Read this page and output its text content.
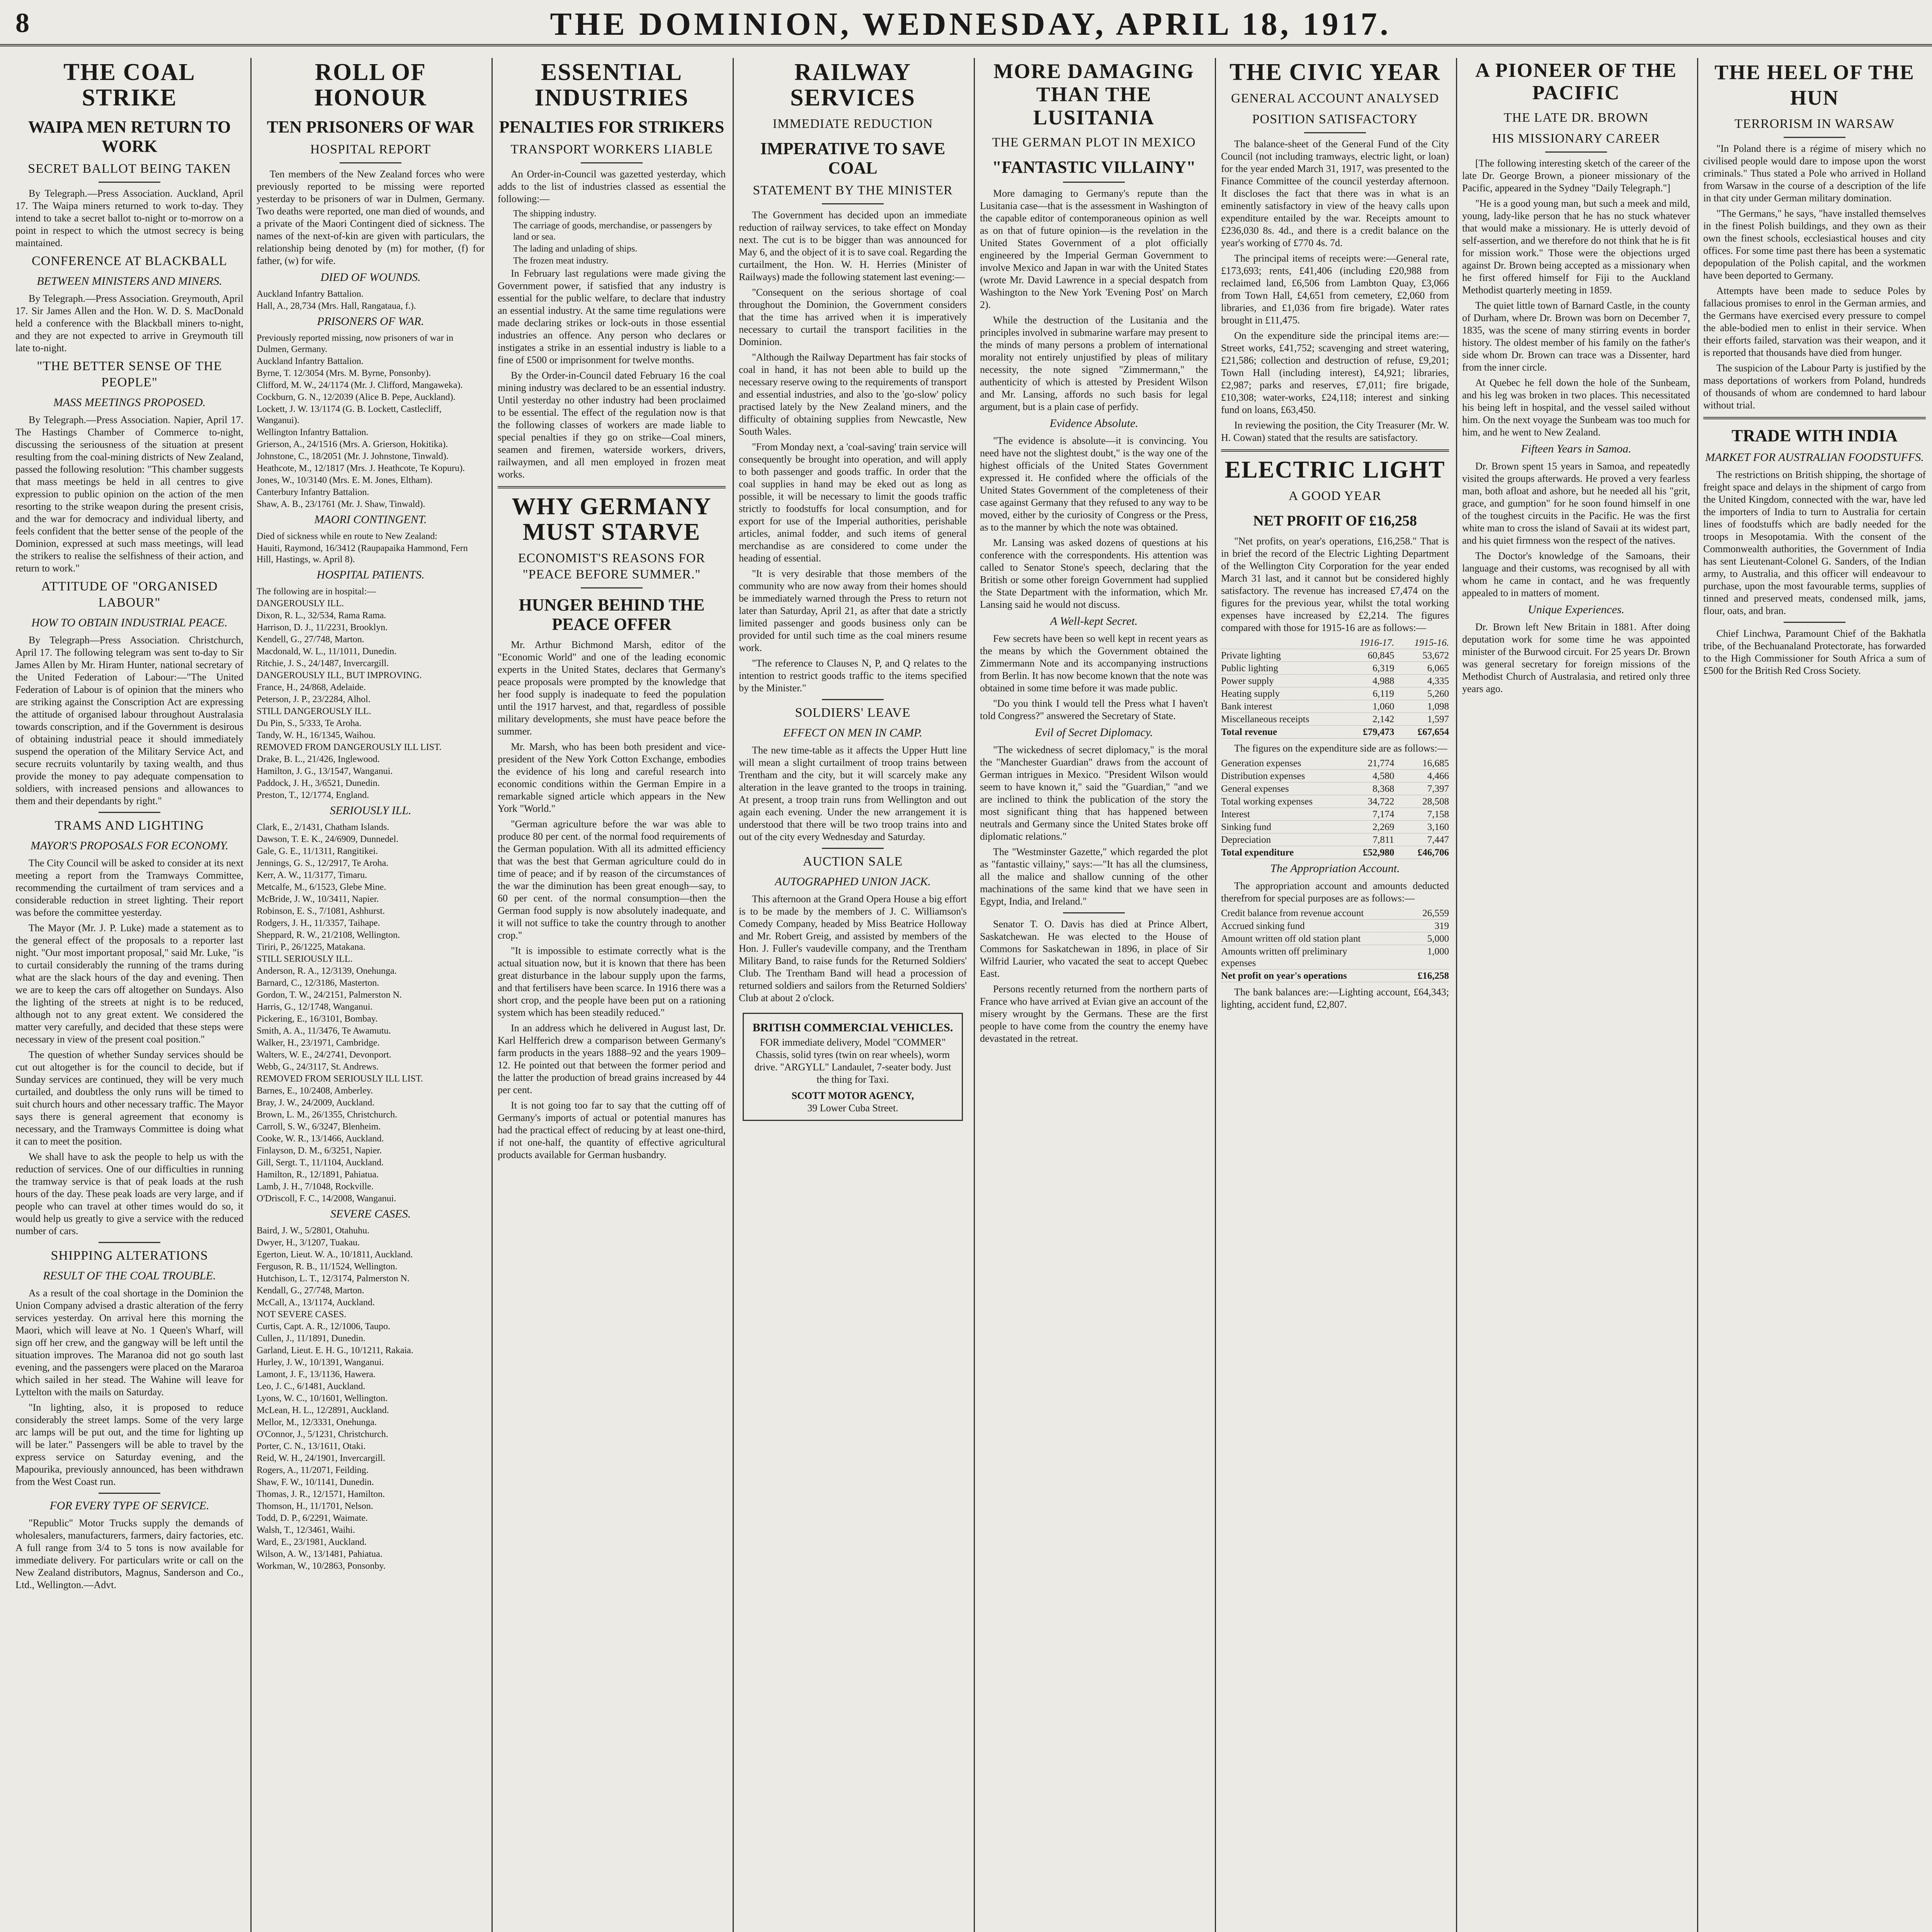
8	THE DOMINION, WEDNESDAY, APRIL 18, 1917.
THE COAL STRIKE
WAIPA MEN RETURN TO WORK
SECRET BALLOT BEING TAKEN

By Telegraph.—Press Association. Auckland, April 17. The Waipa miners returned to work to-day. They intend to take a secret ballot to-night or to-morrow on a point in respect to which the utmost secrecy is being maintained.

CONFERENCE AT BLACKBALL
BETWEEN MINISTERS AND MINERS.

By Telegraph.—Press Association. Greymouth, April 17. Sir James Allen and the Hon. W. D. S. MacDonald held a conference with the Blackball miners to-night, and they are not expected to arrive in Greymouth till late to-night.

"THE BETTER SENSE OF THE PEOPLE"
MASS MEETINGS PROPOSED.

By Telegraph.—Press Association. Napier, April 17. The Hastings Chamber of Commerce to-night, discussing the seriousness of the situation at present resulting from the coal-mining districts of New Zealand, passed the following resolution: "This chamber suggests that mass meetings be held in all centres to give expression to public opinion on the action of the men resorting to the strike weapon during the present crisis, and the war for democracy and individual liberty, and feels confident that the better sense of the people of the Dominion, expressed at such mass meetings, will lead the strikers to realise the selfishness of their action, and return to work."

ATTITUDE OF "ORGANISED LABOUR"
HOW TO OBTAIN INDUSTRIAL PEACE.

By Telegraph—Press Association. Christchurch, April 17. The following telegram was sent to-day to Sir James Allen by Mr. Hiram Hunter, national secretary of the United Federation of Labour:—"The United Federation of Labour is of opinion that the miners who are striking against the Conscription Act are expressing the attitude of organised labour throughout Australasia towards conscription, and if the Government is desirous of obtaining industrial peace it should immediately suspend the operation of the Military Service Act, and secure recruits voluntarily by taxing wealth, and thus provide the money to pay adequate compensation to soldiers, with increased pensions and allowances to them and their dependants by right."

TRAMS AND LIGHTING
MAYOR'S PROPOSALS FOR ECONOMY.

The City Council will be asked to consider at its next meeting a report from the Tramways Committee, recommending the curtailment of tram services and a considerable reduction in street lighting. Their report was before the committee yesterday.

The Mayor (Mr. J. P. Luke) made a statement as to the general effect of the proposals to a reporter last night. "Our most important proposal," said Mr. Luke, "is to curtail considerably the running of the trams during what are the slack hours of the day and evening. Then we are to keep the cars off altogether on Sundays. Also the lighting of the streets at night is to be reduced, although not to any great extent. We considered the matter very carefully, and decided that these steps were necessary in view of the present coal position."

The question of whether Sunday services should be cut out altogether is for the council to decide, but if Sunday services are continued, they will be very much curtailed, and doubtless the only runs will be timed to suit church hours and other necessary traffic. The Mayor says there is general agreement that economy is necessary, and the Tramways Committee is doing what it can to meet the position.

We shall have to ask the people to help us with the reduction of services. One of our difficulties in running the tramway service is that of peak loads at the rush hours of the day. These peak loads are very large, and if people who can travel at other times would do so, it would help us greatly to give a service with the reduced number of cars.

SHIPPING ALTERATIONS
RESULT OF THE COAL TROUBLE.

As a result of the coal shortage in the Dominion the Union Company advised a drastic alteration of the ferry services yesterday. On arrival here this morning the Maori, which will leave at No. 1 Queen's Wharf, will sign off her crew, and the gangway will be left until the situation improves. The Maranoa did not go south last evening, and the passengers were placed on the Mararoa which sailed in her stead. The Wahine will leave for Lyttelton with the mails on Saturday.

"In lighting, also, it is proposed to reduce considerably the street lamps. Some of the very large arc lamps will be put out, and the time for lighting up will be later." Passengers will be able to travel by the express service on Saturday evening, and the Mapourika, previously announced, has been withdrawn from the West Coast run.

FOR EVERY TYPE OF SERVICE.

"Republic" Motor Trucks supply the demands of wholesalers, manufacturers, farmers, dairy factories, etc. A full range from 3/4 to 5 tons is now available for immediate delivery. For particulars write or call on the New Zealand distributors, Magnus, Sanderson and Co., Ltd., Wellington.—Advt.

ROLL OF HONOUR
TEN PRISONERS OF WAR
HOSPITAL REPORT

Ten members of the New Zealand forces who were previously reported to be missing were reported yesterday to be prisoners of war in Dulmen, Germany. Two deaths were reported, one man died of wounds, and a private of the Maori Contingent died of sickness. The names of the next-of-kin are given with particulars, the relationship being denoted by (m) for mother, (f) for father, (w) for wife.

DIED OF WOUNDS.
Auckland Infantry Battalion.
Hall, A., 28,734 (Mrs. Hall, Rangataua, f.).
PRISONERS OF WAR.
Previously reported missing, now prisoners of war in Dulmen, Germany.
Auckland Infantry Battalion.
Byrne, T. 12/3054 (Mrs. M. Byrne, Ponsonby).
Clifford, M. W., 24/1174 (Mr. J. Clifford, Mangaweka).
Cockburn, G. N., 12/2039 (Alice B. Pepe, Auckland).
Lockett, J. W. 13/1174 (G. B. Lockett, Castlecliff, Wanganui).
Wellington Infantry Battalion.
Grierson, A., 24/1516 (Mrs. A. Grierson, Hokitika).
Johnstone, C., 18/2051 (Mr. J. Johnstone, Tinwald).
Heathcote, M., 12/1817 (Mrs. J. Heathcote, Te Kopuru).
Jones, W., 10/3140 (Mrs. E. M. Jones, Eltham).
Canterbury Infantry Battalion.
Shaw, A. B., 23/1761 (Mr. J. Shaw, Tinwald).
MAORI CONTINGENT.
Died of sickness while en route to New Zealand:
Hauiti, Raymond, 16/3412 (Raupapaika Hammond, Fern Hill, Hastings, w. April 8).
HOSPITAL PATIENTS.
The following are in hospital:—
DANGEROUSLY ILL.
Dixon, R. L., 32/534, Rama Rama.
Harrison, D. J., 11/2231, Brooklyn.
Kendell, G., 27/748, Marton.
Macdonald, W. L., 11/1011, Dunedin.
Ritchie, J. S., 24/1487, Invercargill.
DANGEROUSLY ILL, BUT IMPROVING.
France, H., 24/868, Adelaide.
Peterson, J. P., 23/2284, Alhol.
STILL DANGEROUSLY ILL.
Du Pin, S., 5/333, Te Aroha.
Tandy, W. H., 16/1345, Waihou.
REMOVED FROM DANGEROUSLY ILL LIST.
Drake, B. L., 21/426, Inglewood.
Hamilton, J. G., 13/1547, Wanganui.
Paddock, J. H., 3/6521, Dunedin.
Preston, T., 12/1774, England.
SERIOUSLY ILL.
Clark, E., 2/1431, Chatham Islands.
Dawson, T. E. K., 24/6909, Dunnedel.
Gale, G. E., 11/1311, Rangitikei.
Jennings, G. S., 12/2917, Te Aroha.
Kerr, A. W., 11/3177, Timaru.
Metcalfe, M., 6/1523, Glebe Mine.
McBride, J. W., 10/3411, Napier.
Robinson, E. S., 7/1081, Ashhurst.
Rodgers, J. H., 11/3357, Taihape.
Sheppard, R. W., 21/2108, Wellington.
Tiriri, P., 26/1225, Matakana.
STILL SERIOUSLY ILL.
Anderson, R. A., 12/3139, Onehunga.
Barnard, C., 12/3186, Masterton.
Gordon, T. W., 24/2151, Palmerston N.
Harris, G., 12/1748, Wanganui.
Pickering, E., 16/3101, Bombay.
Smith, A. A., 11/3476, Te Awamutu.
Walker, H., 23/1971, Cambridge.
Walters, W. E., 24/2741, Devonport.
Webb, G., 24/3117, St. Andrews.
REMOVED FROM SERIOUSLY ILL LIST.
Barnes, E., 10/2408, Amberley.
Bray, J. W., 24/2009, Auckland.
Brown, L. M., 26/1355, Christchurch.
Carroll, S. W., 6/3247, Blenheim.
Cooke, W. R., 13/1466, Auckland.
Finlayson, D. M., 6/3251, Napier.
Gill, Sergt. T., 11/1104, Auckland.
Hamilton, R., 12/1891, Pahiatua.
Lamb, J. H., 7/1048, Rockville.
O'Driscoll, F. C., 14/2008, Wanganui.
SEVERE CASES.
Baird, J. W., 5/2801, Otahuhu.
Dwyer, H., 3/1207, Tuakau.
Egerton, Lieut. W. A., 10/1811, Auckland.
Ferguson, R. B., 11/1524, Wellington.
Hutchison, L. T., 12/3174, Palmerston N.
Kendall, G., 27/748, Marton.
McCall, A., 13/1174, Auckland.
NOT SEVERE CASES.
Curtis, Capt. A. R., 12/1006, Taupo.
Cullen, J., 11/1891, Dunedin.
Garland, Lieut. E. H. G., 10/1211, Rakaia.
Hurley, J. W., 10/1391, Wanganui.
Lamont, J. F., 13/1136, Hawera.
Leo, J. C., 6/1481, Auckland.
Lyons, W. C., 10/1601, Wellington.
McLean, H. L., 12/2891, Auckland.
Mellor, M., 12/3331, Onehunga.
O'Connor, J., 5/1231, Christchurch.
Porter, C. N., 13/1611, Otaki.
Reid, W. H., 24/1901, Invercargill.
Rogers, A., 11/2071, Feilding.
Shaw, F. W., 10/1141, Dunedin.
Thomas, J. R., 12/1571, Hamilton.
Thomson, H., 11/1701, Nelson.
Todd, D. P., 6/2291, Waimate.
Walsh, T., 12/3461, Waihi.
Ward, E., 23/1981, Auckland.
Wilson, A. W., 13/1481, Pahiatua.
Workman, W., 10/2863, Ponsonby.
ESSENTIAL INDUSTRIES
PENALTIES FOR STRIKERS
TRANSPORT WORKERS LIABLE

An Order-in-Council was gazetted yesterday, which adds to the list of industries classed as essential the following:—

The shipping industry.
The carriage of goods, merchandise, or passengers by land or sea.
The lading and unlading of ships.
The frozen meat industry.

In February last regulations were made giving the Government power, if satisfied that any industry is essential for the public welfare, to declare that industry an essential industry. At the same time regulations were made declaring strikes or lock-outs in those essential industries an offence. Any person who declares or instigates a strike in an essential industry is liable to a fine of £500 or imprisonment for twelve months.

By the Order-in-Council dated February 16 the coal mining industry was declared to be an essential industry. Until yesterday no other industry had been proclaimed to be essential. The effect of the regulation now is that the following classes of workers are made liable to special penalties if they go on strike—Coal miners, seamen and firemen, waterside workers, drivers, railwaymen, and all men employed in frozen meat works.

WHY GERMANY MUST STARVE
ECONOMIST'S REASONS FOR "PEACE BEFORE SUMMER."
HUNGER BEHIND THE PEACE OFFER

Mr. Arthur Bichmond Marsh, editor of the "Economic World" and one of the leading economic experts in the United States, declares that Germany's peace proposals were prompted by the knowledge that her food supply is inadequate to feed the population until the 1917 harvest, and that, regardless of possible military developments, she must have peace before the summer.

Mr. Marsh, who has been both president and vice-president of the New York Cotton Exchange, embodies the evidence of his long and careful research into economic conditions within the German Empire in a remarkable signed article which appears in the New York "World."

"German agriculture before the war was able to produce 80 per cent. of the normal food requirements of the German population. With all its admitted efficiency that was the best that German agriculture could do in time of peace; and if by reason of the circumstances of the war the diminution has been great enough—say, to 60 per cent. of the normal consumption—then the German food supply is now absolutely inadequate, and it will not suffice to take the country through to another crop."

"It is impossible to estimate correctly what is the actual situation now, but it is known that there has been great disturbance in the labour supply upon the farms, and that fertilisers have been scarce. In 1916 there was a short crop, and the people have been put on a rationing system which has been steadily reduced."

In an address which he delivered in August last, Dr. Karl Helfferich drew a comparison between Germany's farm products in the years 1888–92 and the years 1909–12. He pointed out that between the former period and the latter the production of bread grains increased by 44 per cent.

It is not going too far to say that the cutting off of Germany's imports of actual or potential manures has had the practical effect of reducing by at least one-third, if not one-half, the quantity of effective agricultural products available for German husbandry.

RAILWAY SERVICES
IMMEDIATE REDUCTION
IMPERATIVE TO SAVE COAL
STATEMENT BY THE MINISTER

The Government has decided upon an immediate reduction of railway services, to take effect on Monday next. The cut is to be bigger than was announced for May 6, and the object of it is to save coal. Regarding the curtailment, the Hon. W. H. Herries (Minister of Railways) made the following statement last evening:—

"Consequent on the serious shortage of coal throughout the Dominion, the Government considers that the time has arrived when it is imperatively necessary to curtail the transport facilities in the Dominion.

"Although the Railway Department has fair stocks of coal in hand, it has not been able to build up the necessary reserve owing to the requirements of transport and essential industries, and also to the 'go-slow' policy practised lately by the New Zealand miners, and the difficulty of obtaining supplies from Newcastle, New South Wales.

"From Monday next, a 'coal-saving' train service will consequently be brought into operation, and will apply to both passenger and goods traffic. In order that the coal supplies in hand may be eked out as long as possible, it will be necessary to limit the goods traffic strictly to foodstuffs for local consumption, and for export for use of the Imperial authorities, perishable articles, animal fodder, and such items of general merchandise as are considered to come under the heading of essential.

"It is very desirable that those members of the community who are now away from their homes should be immediately warned through the Press to return not later than Saturday, April 21, as after that date a strictly limited passenger and goods business only can be provided for until such time as the coal miners resume work.

"The reference to Clauses N, P, and Q relates to the intention to restrict goods traffic to the items specified by the Minister."

SOLDIERS' LEAVE
EFFECT ON MEN IN CAMP.

The new time-table as it affects the Upper Hutt line will mean a slight curtailment of troop trains between Trentham and the city, but it will scarcely make any alteration in the leave granted to the troops in training. At present, a troop train runs from Wellington and out again each evening. Under the new arrangement it is understood that there will be two troop trains into and out of the city every Wednesday and Saturday.

AUCTION SALE
AUTOGRAPHED UNION JACK.

This afternoon at the Grand Opera House a big effort is to be made by the members of J. C. Williamson's Comedy Company, headed by Miss Beatrice Holloway and Mr. Robert Greig, and assisted by members of the Hon. J. Fuller's vaudeville company, and the Trentham Military Band, to raise funds for the Returned Soldiers' Club. The Trentham Band will head a procession of returned soldiers and sailors from the Returned Soldiers' Club at about 2 o'clock.

BRITISH COMMERCIAL VEHICLES.
FOR immediate delivery, Model "COMMER" Chassis, solid tyres (twin on rear wheels), worm drive. "ARGYLL" Landaulet, 7-seater body. Just the thing for Taxi.
SCOTT MOTOR AGENCY,
39 Lower Cuba Street.
MORE DAMAGING THAN THE LUSITANIA
THE GERMAN PLOT IN MEXICO
"FANTASTIC VILLAINY"

More damaging to Germany's repute than the Lusitania case—that is the assessment in Washington of the capable editor of contemporaneous opinion as well as on that of future opinion—is the revelation in the United States Government of a plot officially engineered by the Imperial German Government to involve Mexico and Japan in war with the United States (wrote Mr. David Lawrence in a special despatch from Washington to the New York 'Evening Post' on March 2).

While the destruction of the Lusitania and the principles involved in submarine warfare may present to the minds of many persons a problem of international morality not entirely unjustified by pleas of military necessity, the note signed "Zimmermann," the authenticity of which is attested by President Wilson and Mr. Lansing, affords no such basis for legal argument, but is a plain case of perfidy.

Evidence Absolute.

"The evidence is absolute—it is convincing. You need have not the slightest doubt," is the way one of the highest officials of the United States Government expressed it. He confided where the officials of the United States Government of the completeness of their case against Germany that they refused to any way to be moved, either by the curiosity of Congress or the Press, as to the manner by which the note was obtained.

Mr. Lansing was asked dozens of questions at his conference with the correspondents. His attention was called to Senator Stone's speech, declaring that the British or some other foreign Government had supplied the State Department with the information, which Mr. Lansing said he would not discuss.

A Well-kept Secret.

Few secrets have been so well kept in recent years as the means by which the Government obtained the Zimmermann Note and its accompanying instructions from Berlin. It has now become known that the note was obtained in some time before it was made public.

"Do you think I would tell the Press what I haven't told Congress?" answered the Secretary of State.

Evil of Secret Diplomacy.

"The wickedness of secret diplomacy," is the moral the "Manchester Guardian" draws from the account of German intrigues in Mexico. "President Wilson would seem to have known it," said the "Guardian," "and we are inclined to think the publication of the story the most significant thing that has happened between neutrals and Germany since the United States broke off diplomatic relations."

The "Westminster Gazette," which regarded the plot as "fantastic villainy," says:—"It has all the clumsiness, all the malice and shallow cunning of the other machinations of the same kind that we have seen in Egypt, India, and Ireland."

Senator T. O. Davis has died at Prince Albert, Saskatchewan. He was elected to the House of Commons for Saskatchewan in 1896, in place of Sir Wilfrid Laurier, who vacated the seat to accept Quebec East.

Persons recently returned from the northern parts of France who have arrived at Evian give an account of the misery wrought by the Germans. These are the first people to have come from the country the enemy have devastated in the retreat.

THE CIVIC YEAR
GENERAL ACCOUNT ANALYSED
POSITION SATISFACTORY

The balance-sheet of the General Fund of the City Council (not including tramways, electric light, or loan) for the year ended March 31, 1917, was presented to the Finance Committee of the council yesterday afternoon. It discloses the fact that there was in what is an eminently satisfactory in view of the heavy calls upon expenditure entailed by the war. Receipts amount to £236,030 8s. 4d., and there is a credit balance on the year's working of £770 4s. 7d.

The principal items of receipts were:—General rate, £173,693; rents, £41,406 (including £20,988 from reclaimed land, £6,506 from Lambton Quay, £3,066 from Town Hall, £4,651 from cemetery, £2,060 from libraries, and £1,036 from fire brigade). Water rates brought in £11,475.

On the expenditure side the principal items are:—Street works, £41,752; scavenging and street watering, £21,586; collection and destruction of refuse, £9,201; Town Hall (including interest), £4,921; libraries, £2,987; parks and reserves, £7,011; fire brigade, £10,308; water-works, £24,118; interest and sinking fund on loans, £63,450.

In reviewing the position, the City Treasurer (Mr. W. H. Cowan) stated that the results are satisfactory.

ELECTRIC LIGHT
A GOOD YEAR
NET PROFIT OF £16,258

"Net profits, on year's operations, £16,258." That is in brief the record of the Electric Lighting Department of the Wellington City Corporation for the year ended March 31 last, and it cannot but be considered highly satisfactory. The revenue has increased £7,474 on the figures for the previous year, whilst the total working expenses have increased by £2,214. The figures compared with those for 1915-16 are as follows:—

1916-17. 1915-16.
Private lighting	60,845	53,672
Public lighting	6,319	6,065
Power supply	4,988	4,335
Heating supply	6,119	5,260
Bank interest	1,060	1,098
Miscellaneous receipts	2,142	1,597
Total revenue	£79,473 £67,654

The figures on the expenditure side are as follows:—

Generation expenses	21,774	16,685
Distribution expenses	4,580	4,466
General expenses	8,368	7,397
Total working expenses	34,722	28,508
Interest	7,174	7,158
Sinking fund	2,269	3,160
Depreciation	7,811	7,447
Total expenditure	£52,980 £46,706
The Appropriation Account.

The appropriation account and amounts deducted therefrom for special purposes are as follows:—

Credit balance from revenue account	26,559
Accrued sinking fund	319
Amount written off old station plant	5,000
Amounts written off preliminary expenses
1,000
Net profit on year's operations	£16,258

The bank balances are:—Lighting account, £64,343; lighting, accident fund, £2,807.

A PIONEER OF THE PACIFIC
THE LATE DR. BROWN
HIS MISSIONARY CAREER

[The following interesting sketch of the career of the late Dr. George Brown, a pioneer missionary of the Pacific, appeared in the Sydney "Daily Telegraph."]

"He is a good young man, but such a meek and mild, young, lady-like person that he has no stuck whatever that would make a missionary. He is utterly devoid of self-assertion, and we therefore do not think that he is fit for mission work." Those were the objections urged against Dr. Brown being accepted as a missionary when he first offered himself for Fiji to the Auckland Methodist quarterly meeting in 1859.

The quiet little town of Barnard Castle, in the county of Durham, where Dr. Brown was born on December 7, 1835, was the scene of many stirring events in border history. The oldest member of his family on the father's side whom Dr. Brown can trace was a Dissenter, hard from the inner circle.

At Quebec he fell down the hole of the Sunbeam, and his leg was broken in two places. This necessitated his being left in hospital, and the vessel sailed without him. On the next voyage the Sunbeam was too much for him, and he went to New Zealand.

Fifteen Years in Samoa.

Dr. Brown spent 15 years in Samoa, and repeatedly visited the groups afterwards. He proved a very fearless man, both afloat and ashore, but he needed all his "grit, grace, and gumption" for he soon found himself in one of the toughest circuits in the Pacific. He was the first white man to cross the island of Savaii at its widest part, and his quiet firmness won the respect of the natives.

The Doctor's knowledge of the Samoans, their language and their customs, was recognised by all with whom he came in contact, and he was frequently appealed to in matters of moment.

Unique Experiences.

Dr. Brown left New Britain in 1881. After doing deputation work for some time he was appointed minister of the Burwood circuit. For 25 years Dr. Brown was general secretary for foreign missions of the Methodist Church of Australasia, and retired only three years ago.

THE HEEL OF THE HUN
TERRORISM IN WARSAW

"In Poland there is a régime of misery which no civilised people would dare to impose upon the worst criminals." Thus stated a Pole who arrived in Holland from Warsaw in the course of a description of the life in that city under German military domination.

"The Germans," he says, "have installed themselves in the finest Polish buildings, and they own as their own the finest schools, ecclesiastical houses and city offices. For some time past there has been a systematic depopulation of the Polish capital, and the workmen have been deported to Germany.

Attempts have been made to seduce Poles by fallacious promises to enrol in the German armies, and the Germans have exercised every pressure to compel the able-bodied men to enlist in their service. When their efforts failed, starvation was their weapon, and it is reported that thousands have died from hunger.

The suspicion of the Labour Party is justified by the mass deportations of workers from Poland, hundreds of thousands of whom are condemned to hard labour without trial.

TRADE WITH INDIA
MARKET FOR AUSTRALIAN FOODSTUFFS.

The restrictions on British shipping, the shortage of freight space and delays in the shipment of cargo from the United Kingdom, connected with the war, have led the importers of India to turn to Australia for certain lines of foodstuffs which are badly needed for the troops in Mesopotamia. With the consent of the Commonwealth authorities, the Government of India has sent Lieutenant-Colonel G. Sanders, of the Indian army, to Australia, and this officer will endeavour to purchase, upon the most favourable terms, supplies of tinned and preserved meats, condensed milk, jams, flour, oats, and bran.

Chief Linchwa, Paramount Chief of the Bakhatla tribe, of the Bechuanaland Protectorate, has forwarded to the High Commissioner for South Africa a sum of £500 for the British Red Cross Society.
